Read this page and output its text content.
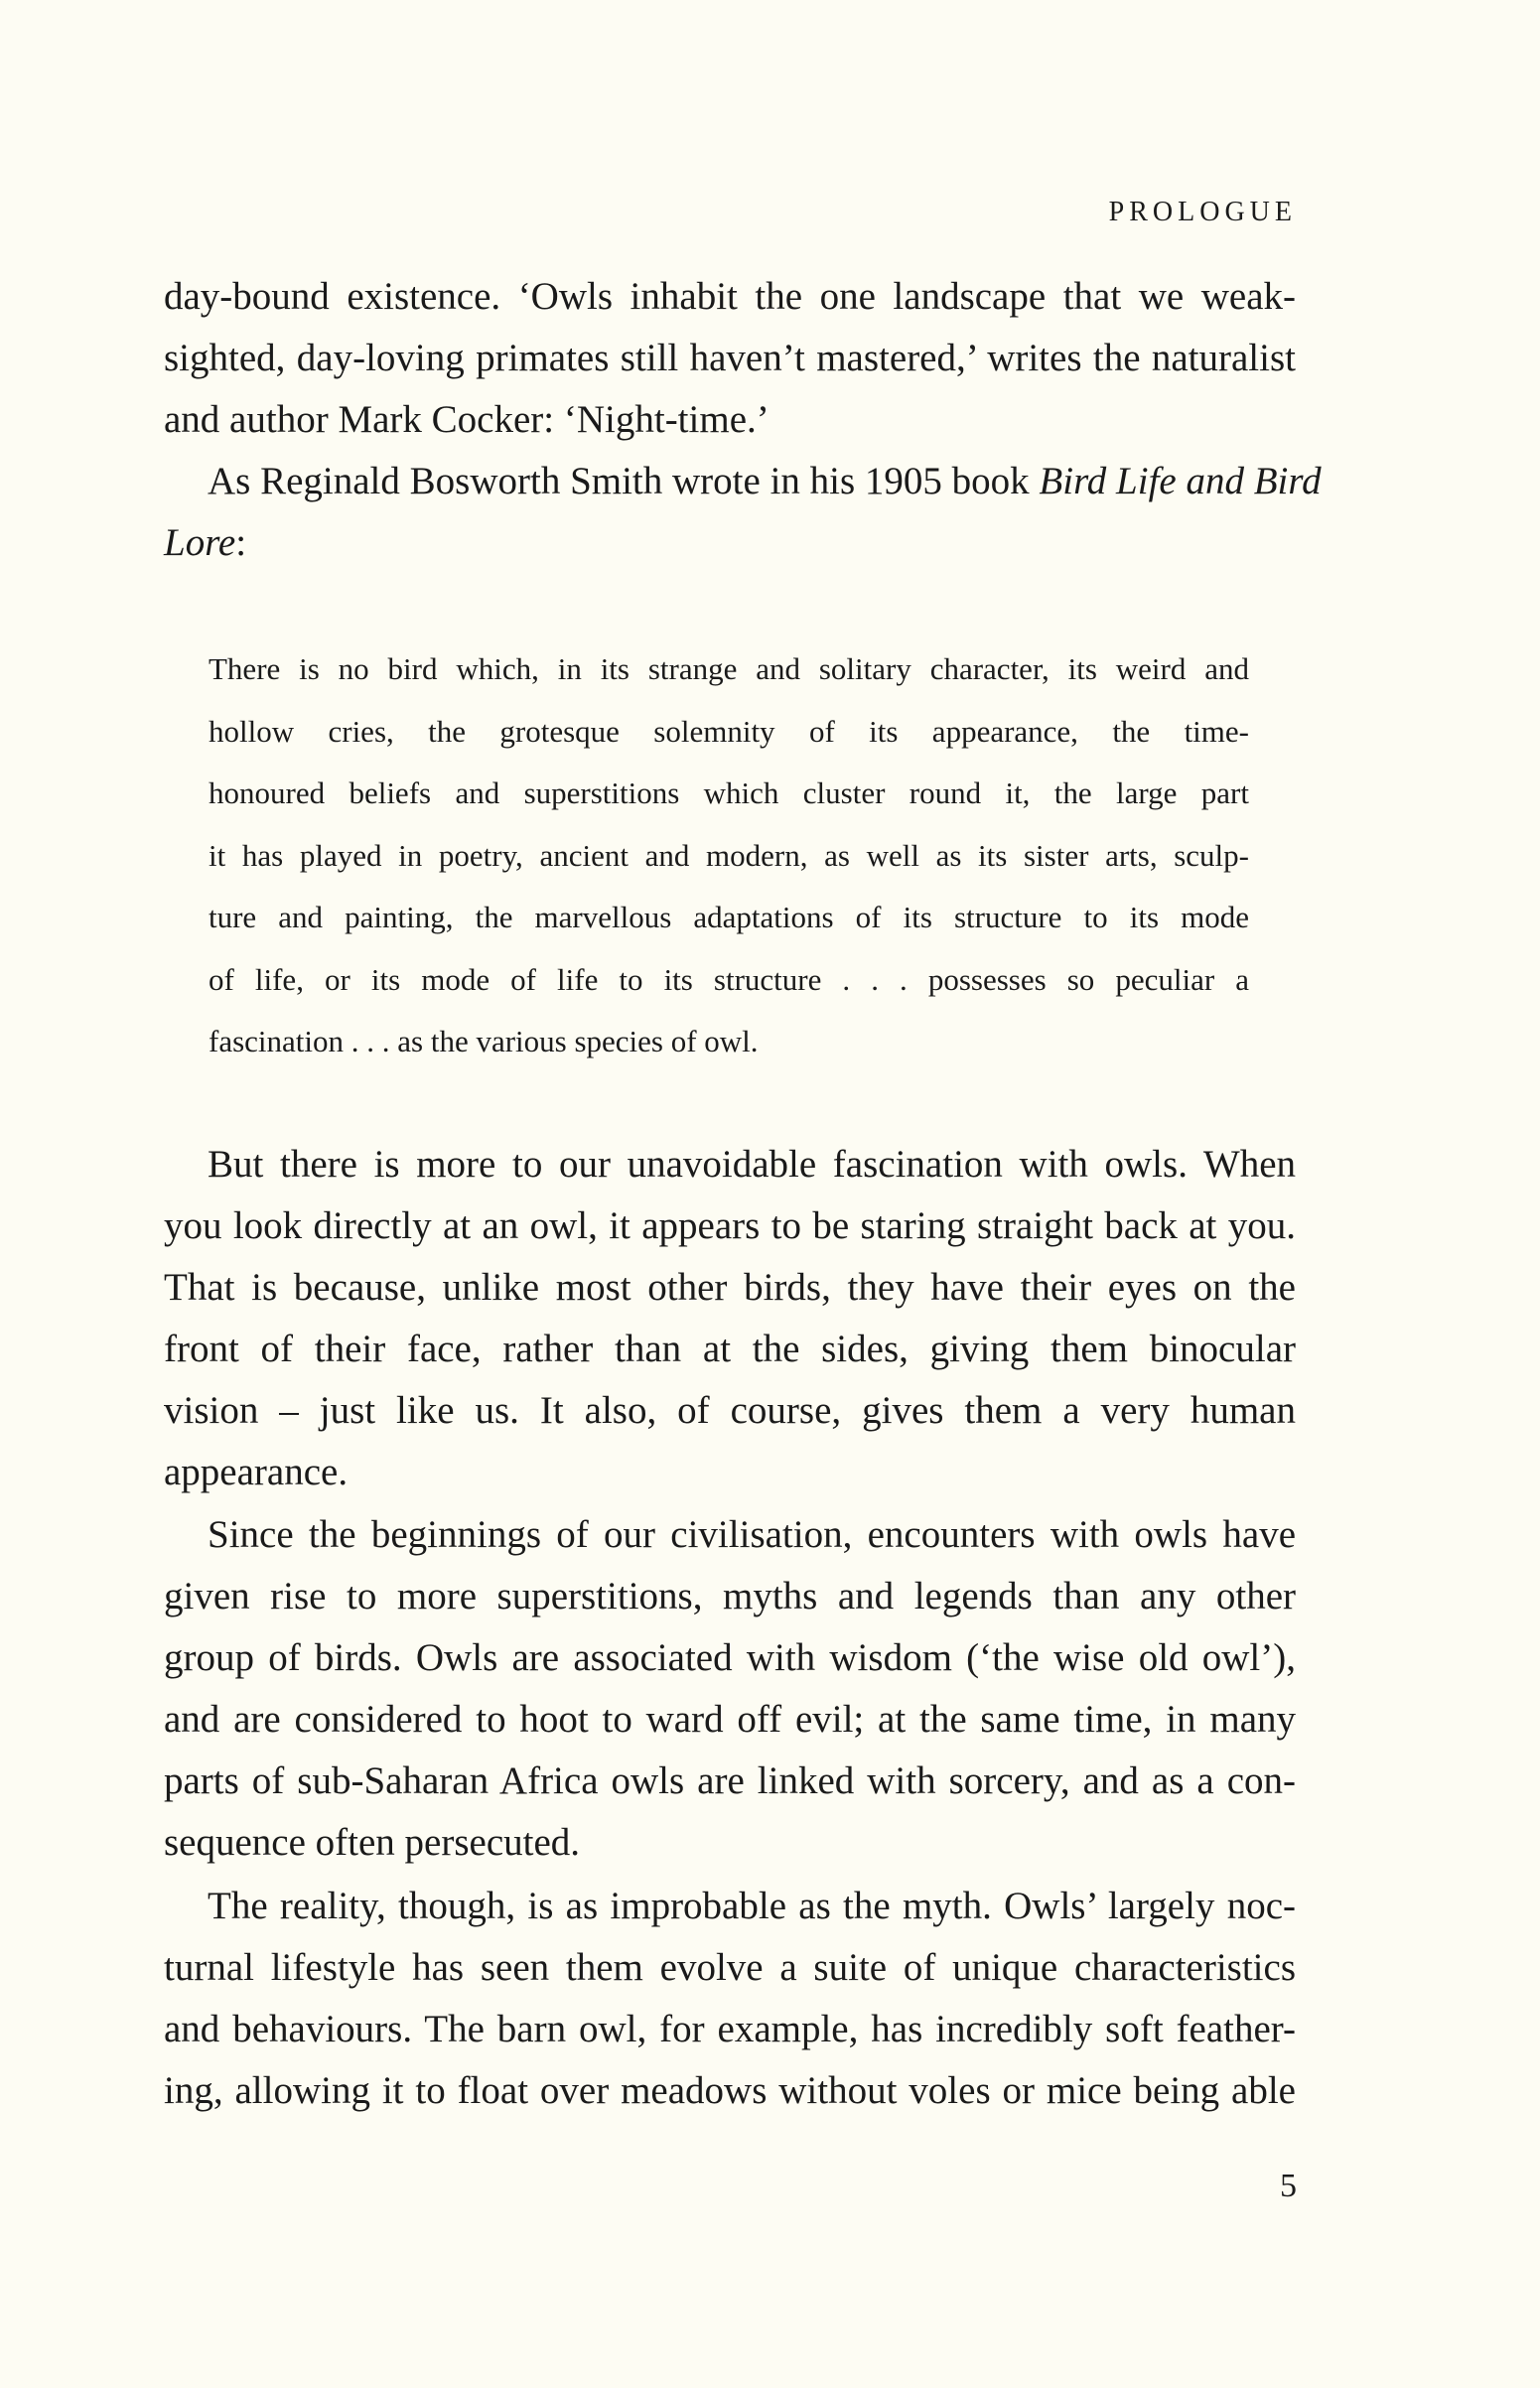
PROLOGUE
day-bound existence. ‘Owls inhabit the one landscape that we weak-
sighted, day-loving primates still haven’t mastered,’ writes the naturalist
and author Mark Cocker: ‘Night-time.’
As Reginald Bosworth Smith wrote in his 1905 book Bird Life and Bird
Lore:
There is no bird which, in its strange and solitary character, its weird and
hollow cries, the grotesque solemnity of its appearance, the time-
honoured beliefs and superstitions which cluster round it, the large part
it has played in poetry, ancient and modern, as well as its sister arts, sculp-
ture and painting, the marvellous adaptations of its structure to its mode
of life, or its mode of life to its structure . . . possesses so peculiar a
fascination . . . as the various species of owl.
But there is more to our unavoidable fascination with owls. When
you look directly at an owl, it appears to be staring straight back at you.
That is because, unlike most other birds, they have their eyes on the
front of their face, rather than at the sides, giving them binocular
vision – just like us. It also, of course, gives them a very human
appearance.
Since the beginnings of our civilisation, encounters with owls have
given rise to more superstitions, myths and legends than any other
group of birds. Owls are associated with wisdom (‘the wise old owl’),
and are considered to hoot to ward off evil; at the same time, in many
parts of sub-Saharan Africa owls are linked with sorcery, and as a con-
sequence often persecuted.
The reality, though, is as improbable as the myth. Owls’ largely noc-
turnal lifestyle has seen them evolve a suite of unique characteristics
and behaviours. The barn owl, for example, has incredibly soft feather-
ing, allowing it to float over meadows without voles or mice being able
5
